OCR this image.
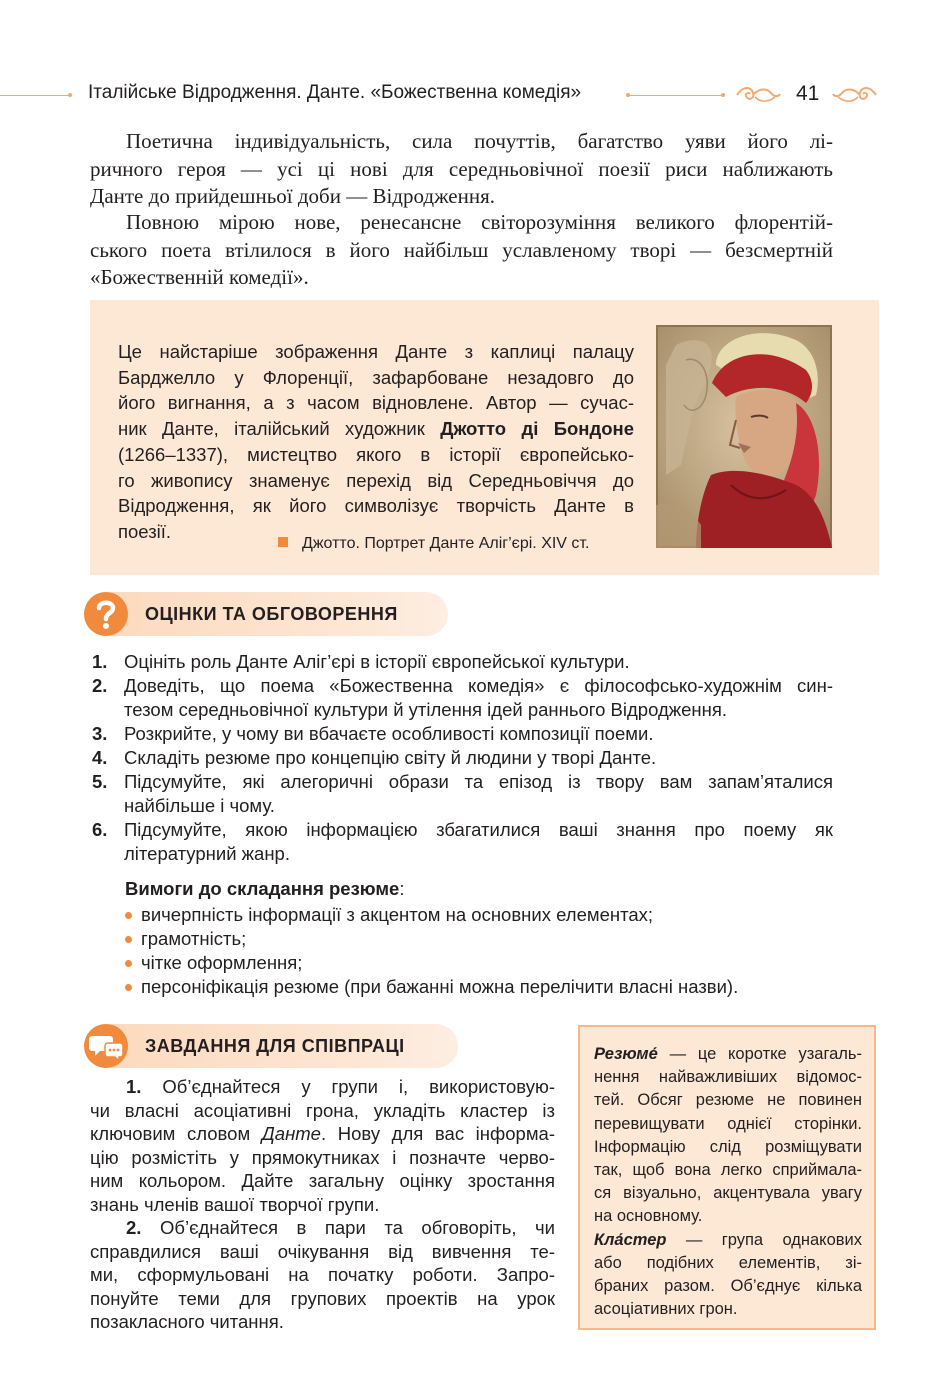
Італійське Відродження. Данте. «Божественна комедія»	41
Поетична індивідуальність, сила почуттів, багатство уяви його лі-
ричного героя — усі ці нові для середньовічної поезії риси наближають
Данте до прийдешньої доби — Відродження.
Повною мірою нове, ренесансне світорозуміння великого флорентій-
ського поета втілилося в його найбільш уславленому творі — безсмертній
«Божественній комедії».
Це найстаріше зображення Данте з каплиці палацу
Барджелло у Флоренції, зафарбоване незадовго до
його вигнання, а з часом відновлене. Автор — сучас-
ник Данте, італійський художник Джотто ді Бондоне
(1266–1337), мистецтво якого в історії європейсько-
го живопису знаменує перехід від Середньовіччя до
Відродження, як його символізує творчість Данте в
поезії.
Джотто. Портрет Данте Аліг’єрі. XIV ст.
ОЦІНКИ ТА ОБГОВОРЕННЯ
1. Оцініть роль Данте Аліг’єрі в історії європейської культури.
2. Доведіть, що поема «Божественна комедія» є філософсько-художнім син-
тезом середньовічної культури й утілення ідей раннього Відродження.
3. Розкрийте, у чому ви вбачаєте особливості композиції поеми.
4. Складіть резюме про концепцію світу й людини у творі Данте.
5. Підсумуйте, які алегоричні образи та епізод із твору вам запам’яталися
найбільше і чому.
6. Підсумуйте, якою інформацією збагатилися ваші знання про поему як
літературний жанр.
Вимоги до складання резюме:
вичерпність інформації з акцентом на основних елементах;
грамотність;
чітке оформлення;
персоніфікація резюме (при бажанні можна перелічити власні назви).
ЗАВДАННЯ ДЛЯ СПІВПРАЦІ
1. Об’єднайтеся у групи і, використовую-
чи власні асоціативні грона, укладіть кластер із
ключовим словом Данте. Нову для вас інформа-
цію розмістіть у прямокутниках і позначте черво-
ним кольором. Дайте загальну оцінку зростання
знань членів вашої творчої групи.
2. Об’єднайтеся в пари та обговоріть, чи
справдилися ваші очікування від вивчення те-
ми, сформульовані на початку роботи. Запро-
понуйте теми для групових проектів на урок
позакласного читання.
Резюме́ — це коротке узагаль-
нення найважливіших відомос-
тей. Обсяг резюме не повинен
перевищувати однієї сторінки.
Інформацію слід розміщувати
так, щоб вона легко сприймала-
ся візуально, акцентувала увагу
на основному.
Кла́стер — група однакових
або подібних елементів, зі-
браних разом. Об’єднує кілька
асоціативних грон.
